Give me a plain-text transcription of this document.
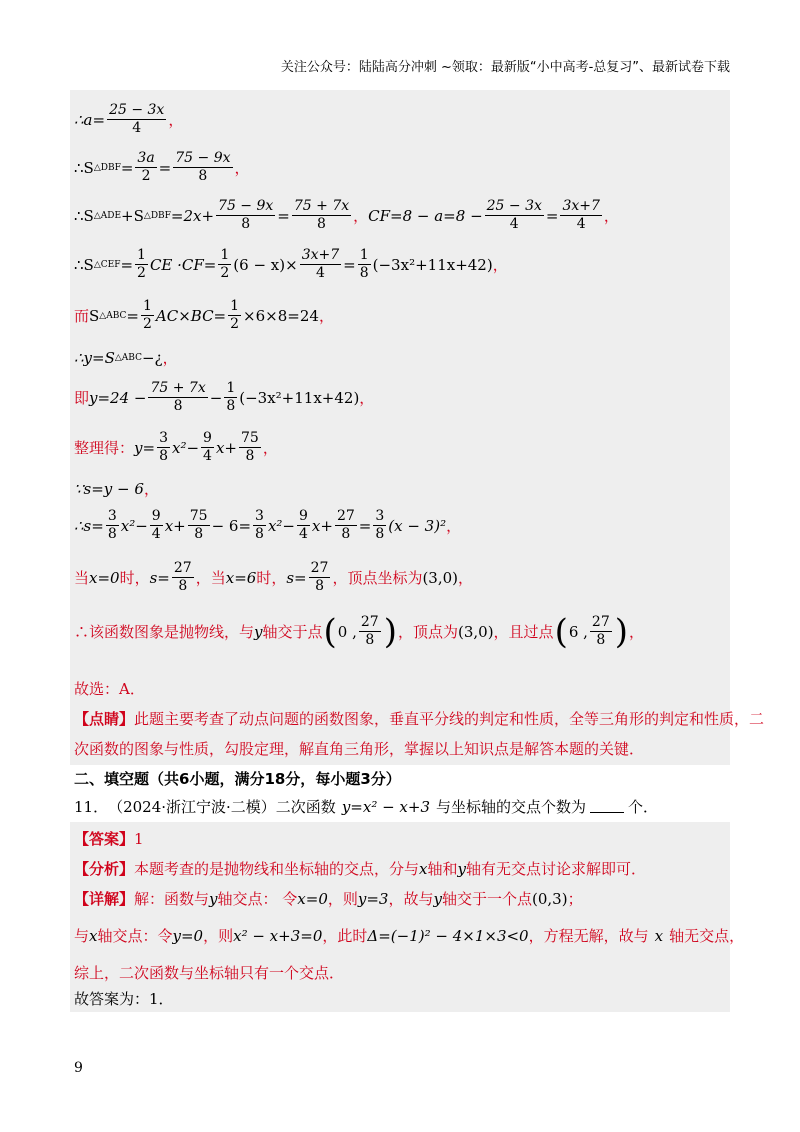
关注公众号：陆陆高分冲刺 ~领取：最新版“小中高考-总复习”、最新试卷下载
∴a= $\frac{25 - 3x}{4}$ ，
∴S △DBF = $\frac{3a}{2} = \frac{75 - 9x}{8}$ ，
∴S △ADE +S △DBF $=2x+ \frac{75 - 9x}{8} = \frac{75 + 7x}{8}$ ， $CF=8 - a=8 - \frac{25 - 3x}{4} = \frac{3x+7}{4}$ ，
∴S △CEF = $\frac{1}{2}$ CE $\cdot CF= \frac{1}{2} (6 - x)\times \frac{3x+7}{4} = \frac{1}{8} (-3x^2+11x+42)$ ，
而 S △ABC = $\frac{1}{2} AC\times BC= \frac{1}{2} \times 6\times 8=24$ ，
∴y=S △ABC −¿ ，
即 $y=24 - \frac{75 + 7x}{8} - \frac{1}{8} (-3x^2+11x+42)$ ，
整理得： $y= \frac{3}{8} x^2- \frac{9}{4} x+ \frac{75}{8}$ ，
∵s=y − 6 ，
∴s= $\frac{3}{8} x^2- \frac{9}{4} x+ \frac{75}{8} - 6= \frac{3}{8} x^2- \frac{9}{4} x+ \frac{27}{8} = \frac{3}{8} (x - 3)^2$ ，
当 x=0 时， $s= \frac{27}{8}$ ，当 x=6 时， $s= \frac{27}{8}$ ，顶点坐标为 (3,0) ，
∴该函数图象是抛物线，与 y 轴交于点 ( 0 , $\frac{27}{8}$ ) ，顶点为 (3,0) ，且过点 ( 6 , $\frac{27}{8}$ ) ，
故选：A．
【点睛】 此题主要考查了动点问题的函数图象，垂直平分线的判定和性质，全等三角形的判定和性质，二
次函数的图象与性质，勾股定理，解直角三角形，掌握以上知识点是解答本题的关键．
二、填空题（共6小题，满分18分，每小题3分）
11． （2024·浙江宁波·二模）二次函数 y=x² − x+3 与坐标轴的交点个数为	个．
【答案】 1
【分析】 本题考查的是抛物线和坐标轴的交点，分与 x 轴和 y 轴有无交点讨论求解即可．
【详解】 解：函数与 y 轴交点： 令 x=0 ，则 y=3 ，故与 y 轴交于一个点 (0,3) ；
与 x 轴交点：令 y=0 ，则 x² − x+3=0 ，此时 Δ=(−1)² − 4×1×3<0 ，方程无解，故与 x 轴无交点，
综上，二次函数与坐标轴只有一个交点．
故答案为：1．
9
